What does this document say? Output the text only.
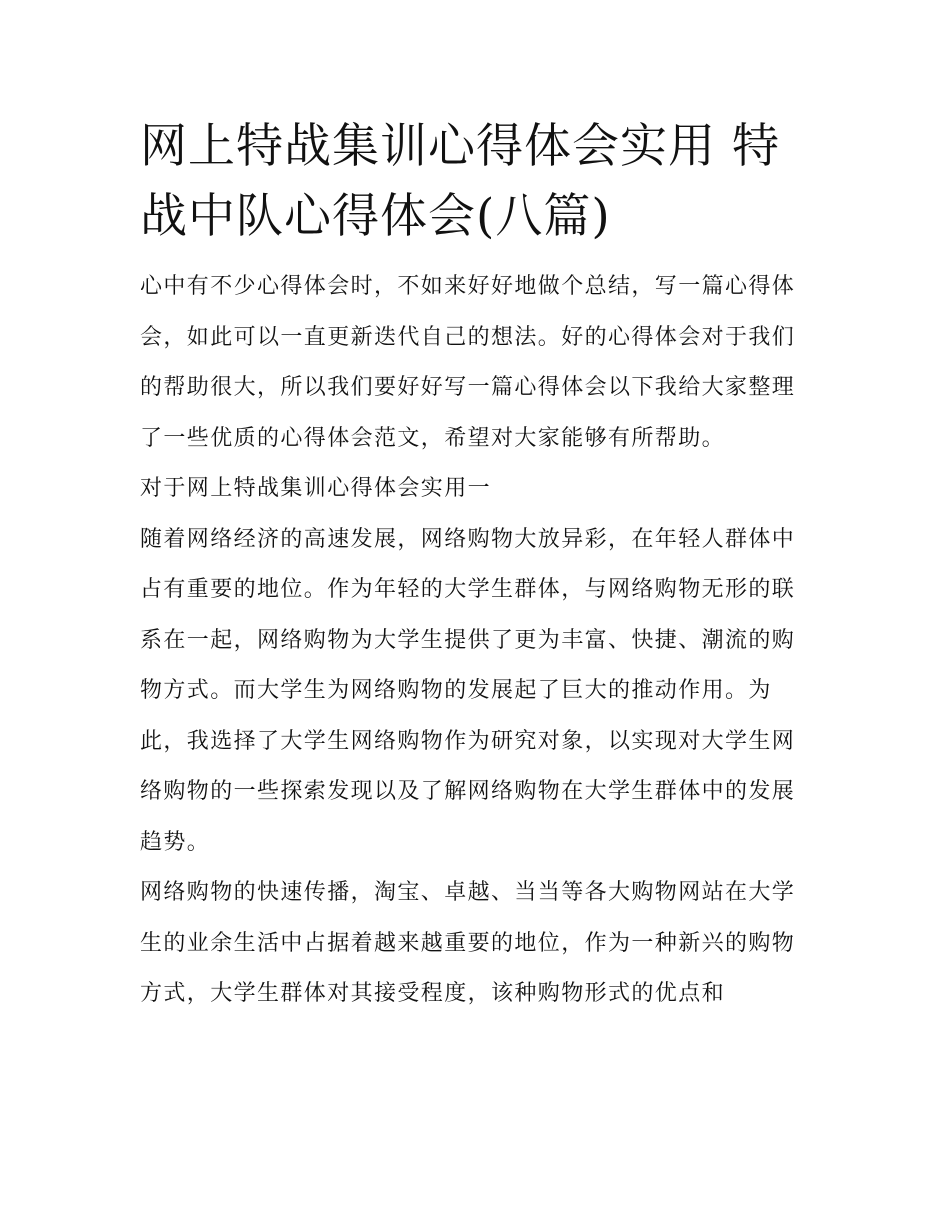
网上特战集训心得体会实用 特战中队心得体会(八篇)

心中有不少心得体会时，不如来好好地做个总结，写一篇心得体会，如此可以一直更新迭代自己的想法。好的心得体会对于我们的帮助很大，所以我们要好好写一篇心得体会以下我给大家整理了一些优质的心得体会范文，希望对大家能够有所帮助。

对于网上特战集训心得体会实用一

随着网络经济的高速发展，网络购物大放异彩，在年轻人群体中占有重要的地位。作为年轻的大学生群体，与网络购物无形的联系在一起，网络购物为大学生提供了更为丰富、快捷、潮流的购物方式。而大学生为网络购物的发展起了巨大的推动作用。为此，我选择了大学生网络购物作为研究对象，以实现对大学生网络购物的一些探索发现以及了解网络购物在大学生群体中的发展趋势。

网络购物的快速传播，淘宝、卓越、当当等各大购物网站在大学生的业余生活中占据着越来越重要的地位，作为一种新兴的购物方式，大学生群体对其接受程度，该种购物形式的优点和
